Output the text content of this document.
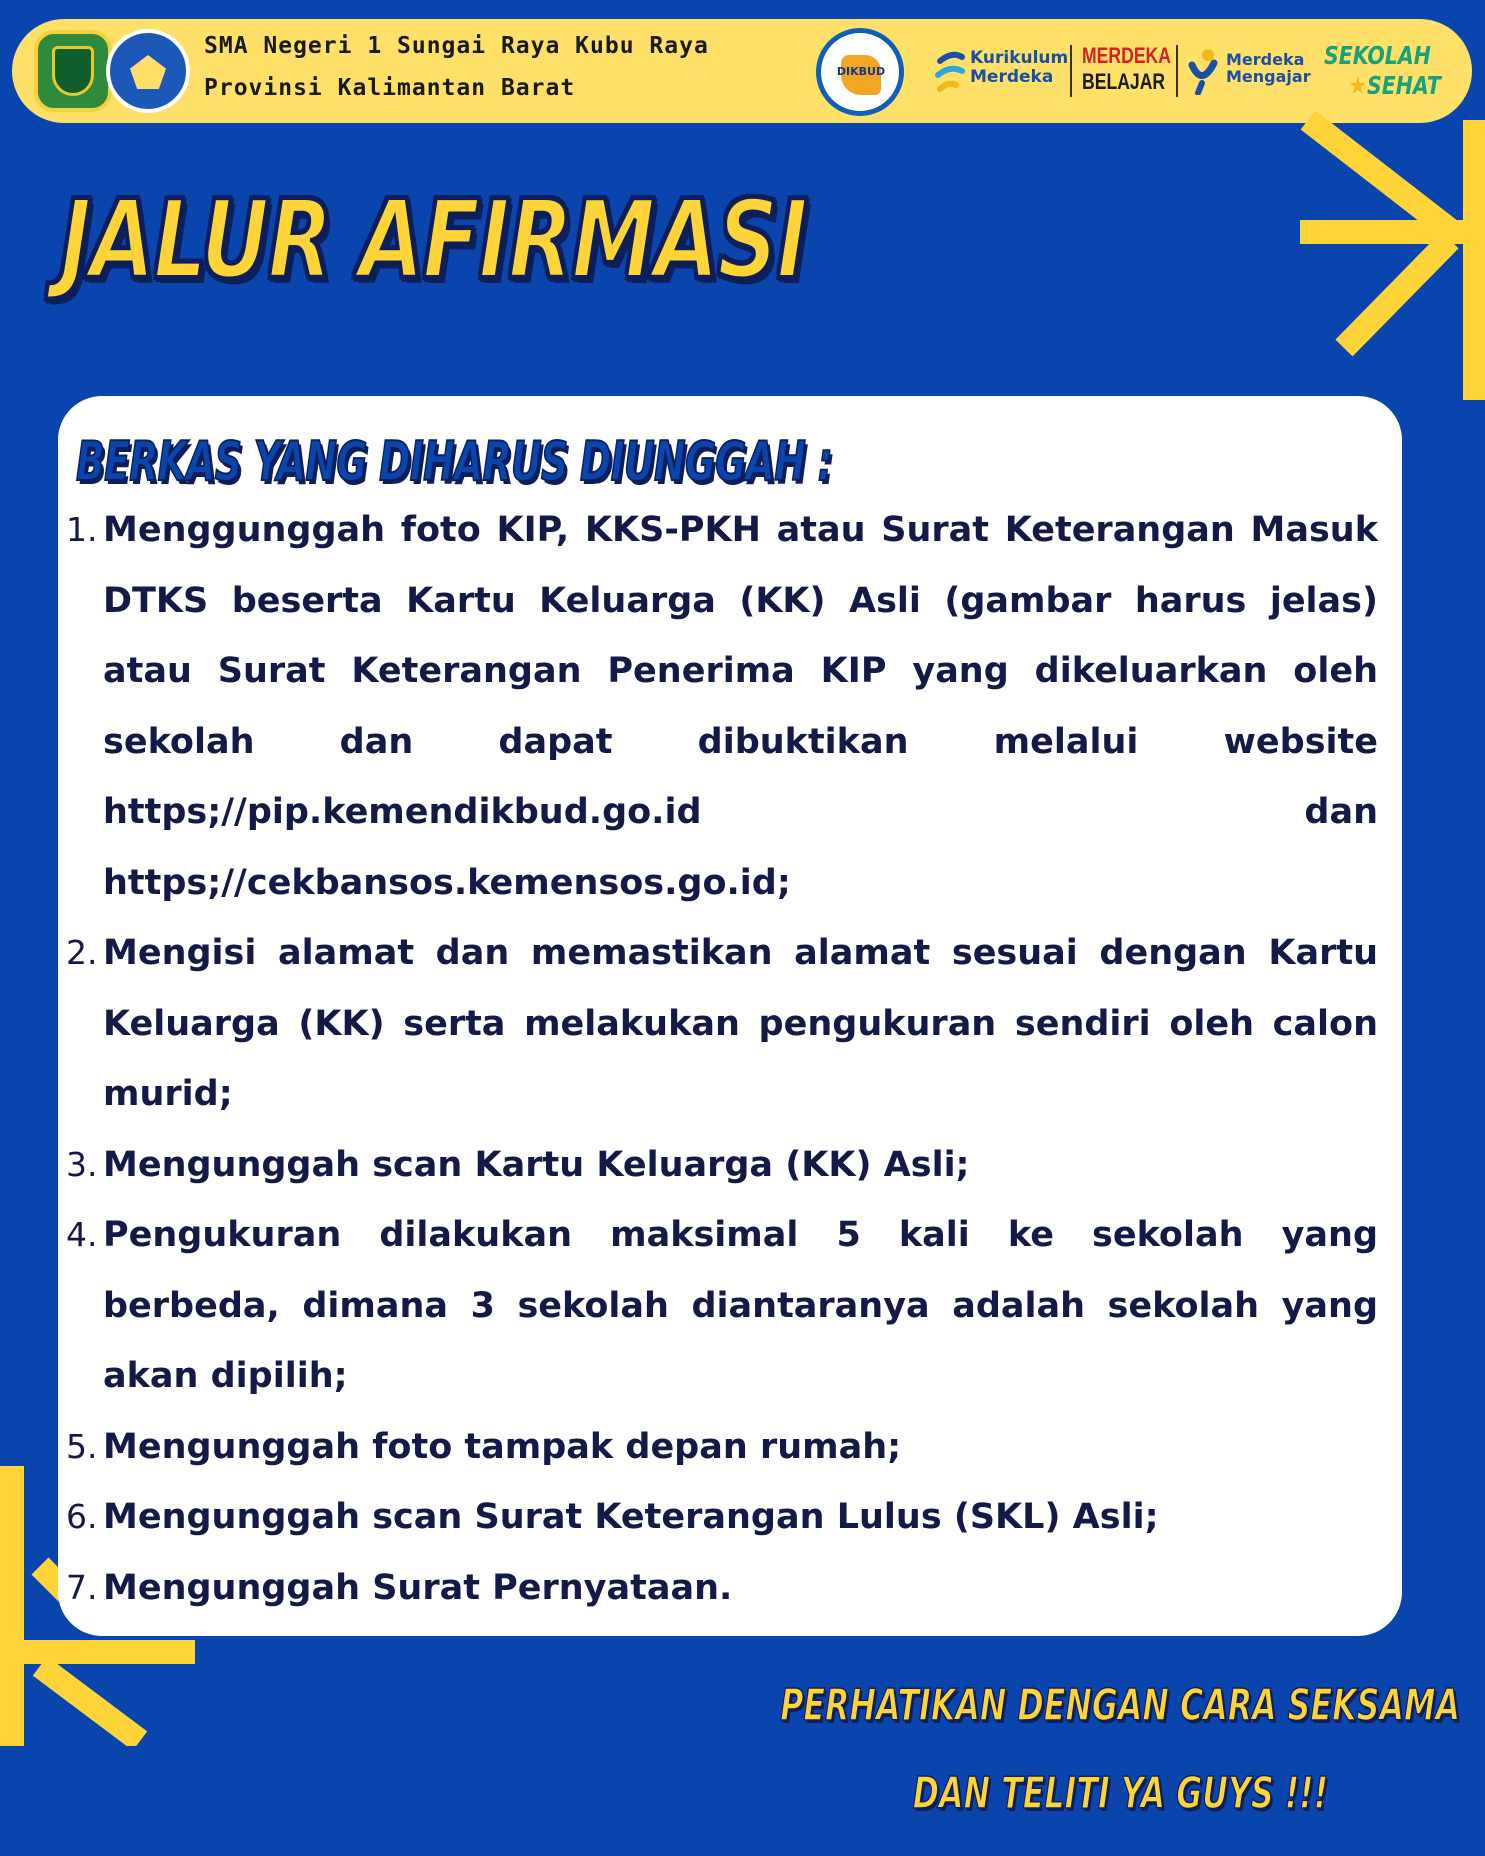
SMA Negeri 1 Sungai Raya Kubu Raya
Provinsi Kalimantan Barat
DIKBUD
Kurikulum
Merdeka
MERDEKA
BELAJAR
Merdeka
Mengajar
SEKOLAH
★SEHAT
JALUR AFIRMASI
BERKAS YANG DIHARUS DIUNGGAH :
1. Menggunggah foto KIP, KKS-PKH atau Surat Keterangan Masuk DTKS beserta Kartu Keluarga (KK) Asli (gambar harus jelas) atau Surat Keterangan Penerima KIP yang dikeluarkan oleh sekolah dan dapat dibuktikan melalui website https;//pip.kemendikbud.go.id dan https;//cekbansos.kemensos.go.id;
2. Mengisi alamat dan memastikan alamat sesuai dengan Kartu Keluarga (KK) serta melakukan pengukuran sendiri oleh calon murid;
3. Mengunggah scan Kartu Keluarga (KK) Asli;
4. Pengukuran dilakukan maksimal 5 kali ke sekolah yang berbeda, dimana 3 sekolah diantaranya adalah sekolah yang akan dipilih;
5. Mengunggah foto tampak depan rumah;
6. Mengunggah scan Surat Keterangan Lulus (SKL) Asli;
7. Mengunggah Surat Pernyataan.
PERHATIKAN DENGAN CARA SEKSAMA
DAN TELITI YA GUYS !!!
